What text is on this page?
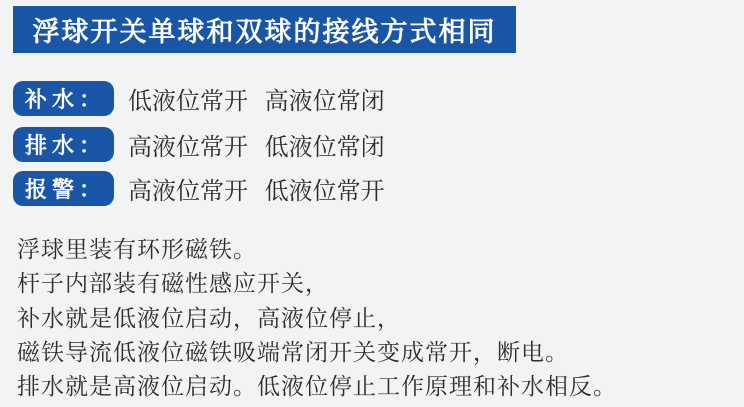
浮球开关单球和双球的接线方式相同
补水： 低液位常开 高液位常闭
排水： 高液位常开 低液位常闭
报警： 高液位常开 低液位常开
浮球里装有环形磁铁。
杆子内部装有磁性感应开关，
补水就是低液位启动，高液位停止，
磁铁导流低液位磁铁吸端常闭开关变成常开，断电。
排水就是高液位启动。低液位停止工作原理和补水相反。
